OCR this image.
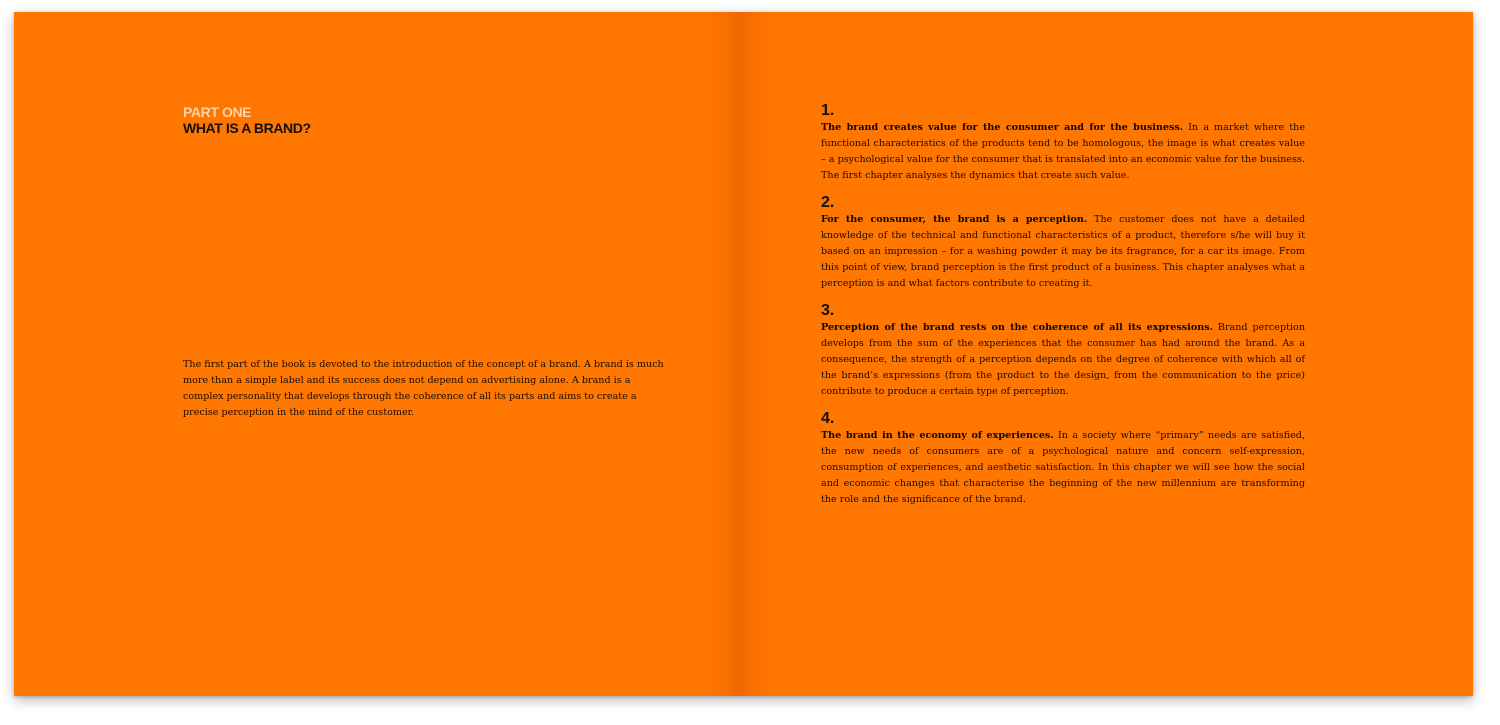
PART ONE

WHAT IS A BRAND?

The first part of the book is devoted to the introduction of the concept of a brand. A brand is much more than a simple label and its success does not depend on advertising alone. A brand is a complex personality that develops through the coherence of all its parts and aims to create a precise perception in the mind of the customer.

1.

The brand creates value for the consumer and for the business. In a market where the functional characteristics of the products tend to be homologous, the image is what creates value – a psychological value for the consumer that is translated into an economic value for the business. The first chapter analyses the dynamics that create such value.

2.

For the consumer, the brand is a perception. The customer does not have a detailed knowledge of the technical and functional characteristics of a product, therefore s/he will buy it based on an impression – for a washing powder it may be its fragrance, for a car its image. From this point of view, brand perception is the first product of a business. This chapter analyses what a perception is and what factors contribute to creating it.

3.

Perception of the brand rests on the coherence of all its expressions. Brand perception develops from the sum of the experiences that the consumer has had around the brand. As a consequence, the strength of a perception depends on the degree of coherence with which all of the brand’s expressions (from the product to the design, from the communication to the price) contribute to produce a certain type of perception.

4.

The brand in the economy of experiences. In a society where “primary” needs are satisfied, the new needs of consumers are of a psychological nature and concern self-expression, consumption of experiences, and aesthetic satisfaction. In this chapter we will see how the social and economic changes that characterise the beginning of the new millennium are transforming the role and the significance of the brand.
